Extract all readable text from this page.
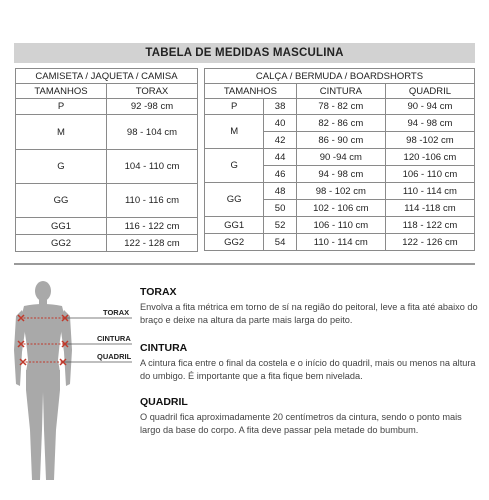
TABELA DE MEDIDAS MASCULINA
CAMISETA / JAQUETA / CAMISA	
TAMANHOS	TORAX
P	92 -98 cm
M	98 - 104 cm
G	104 - 110 cm
GG	110 - 116 cm
GG1	116 - 122 cm
GG2	122 - 128 cm
CALÇA / BERMUDA / BOARDSHORTS			
TAMANHOS		CINTURA	QUADRIL
P	38	78 - 82 cm	90 - 94 cm
M	40	82 - 86 cm	94 - 98 cm
	42	86 - 90 cm	98 -102 cm
G	44	90 -94 cm	120 -106 cm
	46	94 - 98 cm	106 - 110 cm
GG	48	98 - 102 cm	110 - 114 cm
	50	102 - 106 cm	114 -118 cm
GG1	52	106 - 110 cm	118 - 122 cm
GG2	54	110 - 114 cm	122 - 126 cm
TORAX
CINTURA
QUADRIL
TORAX

Envolva a fita métrica em torno de sí na região do peitoral, leve a fita até abaixo do braço e deixe na altura da parte mais larga do peito.

CINTURA

A cintura fica entre o final da costela e o início do quadril, mais ou menos na altura do umbigo. É importante que a fita fique bem nivelada.

QUADRIL

O quadril fica aproximadamente 20 centímetros da cintura, sendo o ponto mais largo da base do corpo. A fita deve passar pela metade do bumbum.
